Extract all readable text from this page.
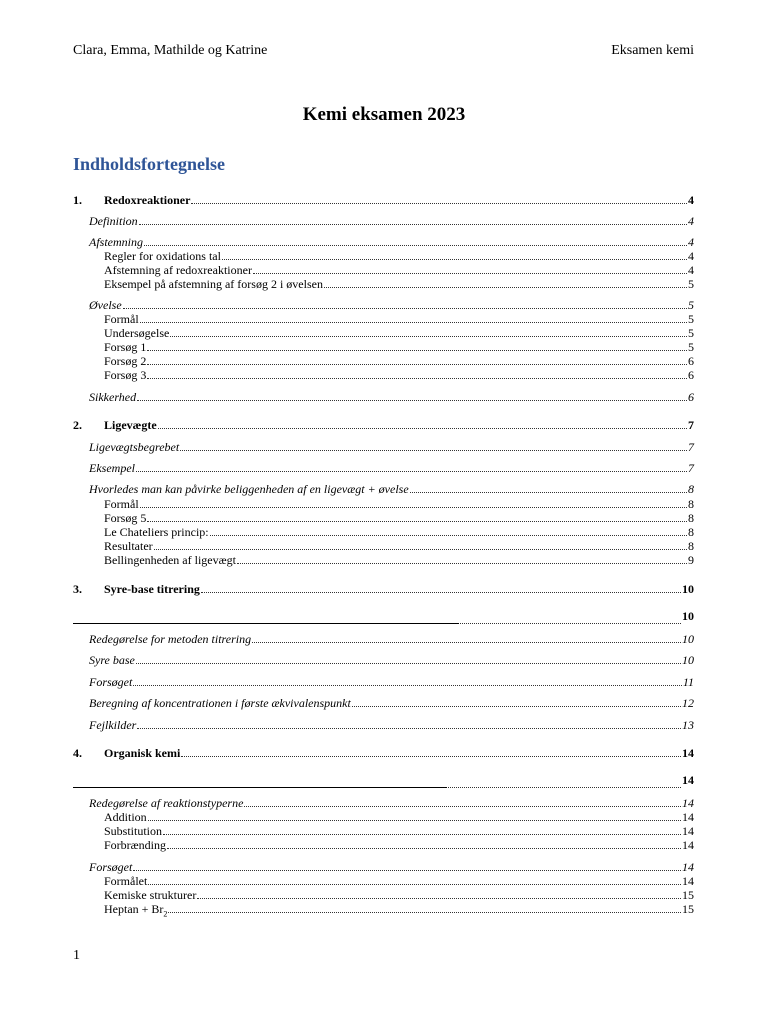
Clara, Emma, Mathilde og Katrine	Eksamen kemi
Kemi eksamen 2023
Indholdsfortegnelse
1. Redoxreaktioner	4
Definition	4
Afstemning	4
Regler for oxidations tal	4
Afstemning af redoxreaktioner	4
Eksempel på afstemning af forsøg 2 i øvelsen	5
Øvelse	5
Formål	5
Undersøgelse	5
Forsøg 1	5
Forsøg 2	6
Forsøg 3	6
Sikkerhed	6
2. Ligevægte	7
Ligevægtsbegrebet	7
Eksempel	7
Hvorledes man kan påvirke beliggenheden af en ligevægt + øvelse	8
Formål	8
Forsøg 5	8
Le Chateliers princip:	8
Resultater	8
Bellingenheden af ligevægt	9
3. Syre-base titrering	10
10
Redegørelse for metoden titrering	10
Syre base	10
Forsøget	11
Beregning af koncentrationen i første ækvivalenspunkt	12
Fejlkilder	13
4. Organisk kemi	14
14
Redegørelse af reaktionstyperne	14
Addition	14
Substitution	14
Forbrænding	14
Forsøget	14
Formålet	14
Kemiske strukturer	15
$Heptan + Br_2$	15
1
